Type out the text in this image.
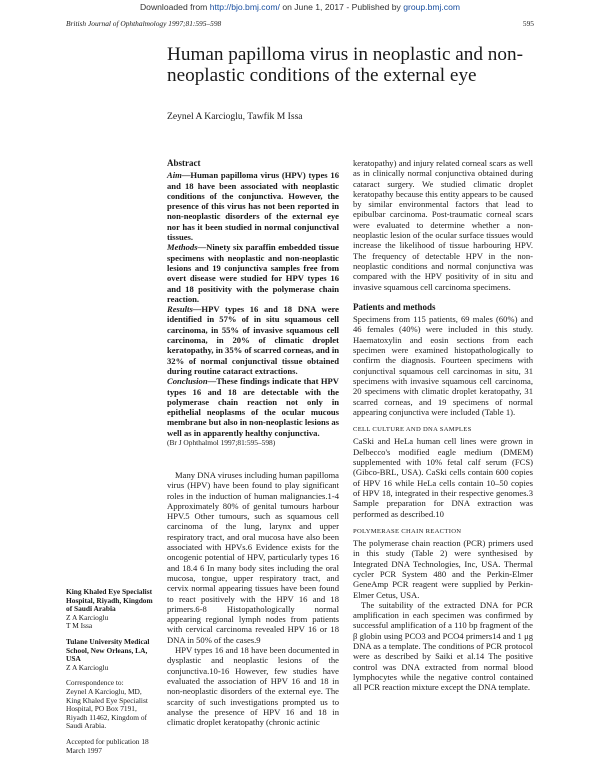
Downloaded from http://bjo.bmj.com/ on June 1, 2017 - Published by group.bmj.com
British Journal of Ophthalmology 1997;81:595–598	595
Human papilloma virus in neoplastic and non-neoplastic conditions of the external eye
Zeynel A Karcioglu, Tawfik M Issa
Abstract

Aim—Human papilloma virus (HPV) types 16 and 18 have been associated with neoplastic conditions of the conjunctiva. However, the presence of this virus has not been reported in non-neoplastic disorders of the external eye nor has it been studied in normal conjunctival tissues.

Methods—Ninety six paraffin embedded tissue specimens with neoplastic and non-neoplastic lesions and 19 conjunctiva samples free from overt disease were studied for HPV types 16 and 18 positivity with the polymerase chain reaction.

Results—HPV types 16 and 18 DNA were identified in 57% of in situ squamous cell carcinoma, in 55% of invasive squamous cell carcinoma, in 20% of climatic droplet keratopathy, in 35% of scarred corneas, and in 32% of normal conjunctival tissue obtained during routine cataract extractions.

Conclusion—These findings indicate that HPV types 16 and 18 are detectable with the polymerase chain reaction not only in epithelial neoplasms of the ocular mucous membrane but also in non-neoplastic lesions as well as in apparently healthy conjunctiva.

(Br J Ophthalmol 1997;81:595–598)

Many DNA viruses including human papilloma virus (HPV) have been found to play significant roles in the induction of human malignancies.1-4 Approximately 80% of genital tumours harbour HPV.5 Other tumours, such as squamous cell carcinoma of the lung, larynx and upper respiratory tract, and oral mucosa have also been associated with HPVs.6 Evidence exists for the oncogenic potential of HPV, particularly types 16 and 18.4 6 In many body sites including the oral mucosa, tongue, upper respiratory tract, and cervix normal appearing tissues have been found to react positively with the HPV 16 and 18 primers.6-8 Histopathologically normal appearing regional lymph nodes from patients with cervical carcinoma revealed HPV 16 or 18 DNA in 50% of the cases.9

HPV types 16 and 18 have been documented in dysplastic and neoplastic lesions of the conjunctiva.10-16 However, few studies have evaluated the association of HPV 16 and 18 in non-neoplastic disorders of the external eye. The scarcity of such investigations prompted us to analyse the presence of HPV 16 and 18 in climatic droplet keratopathy (chronic actinic

keratopathy) and injury related corneal scars as well as in clinically normal conjunctiva obtained during cataract surgery. We studied climatic droplet keratopathy because this entity appears to be caused by similar environmental factors that lead to epibulbar carcinoma. Post-traumatic corneal scars were evaluated to determine whether a non-neoplastic lesion of the ocular surface tissues would increase the likelihood of tissue harbouring HPV. The frequency of detectable HPV in the non-neoplastic conditions and normal conjunctiva was compared with the HPV positivity of in situ and invasive squamous cell carcinoma specimens.

Patients and methods

Specimens from 115 patients, 69 males (60%) and 46 females (40%) were included in this study. Haematoxylin and eosin sections from each specimen were examined histopathologically to confirm the diagnosis. Fourteen specimens with conjunctival squamous cell carcinomas in situ, 31 specimens with invasive squamous cell carcinoma, 20 specimens with climatic droplet keratopathy, 31 scarred corneas, and 19 specimens of normal appearing conjunctiva were included (Table 1).

CELL CULTURE AND DNA SAMPLES

CaSki and HeLa human cell lines were grown in Delbecco's modified eagle medium (DMEM) supplemented with 10% fetal calf serum (FCS) (Gibco-BRL, USA). CaSki cells contain 600 copies of HPV 16 while HeLa cells contain 10–50 copies of HPV 18, integrated in their respective genomes.3 Sample preparation for DNA extraction was performed as described.10

POLYMERASE CHAIN REACTION

The polymerase chain reaction (PCR) primers used in this study (Table 2) were synthesised by Integrated DNA Technologies, Inc, USA. Thermal cycler PCR System 480 and the Perkin-Elmer GeneAmp PCR reagent were supplied by Perkin-Elmer Cetus, USA.

The suitability of the extracted DNA for PCR amplification in each specimen was confirmed by successful amplification of a 110 bp fragment of the β globin using PCO3 and PCO4 primers14 and 1 μg DNA as a template. The conditions of PCR protocol were as described by Saiki et al.14 The positive control was DNA extracted from normal blood lymphocytes while the negative control contained all PCR reaction mixture except the DNA template.

King Khaled Eye Specialist Hospital, Riyadh, Kingdom of Saudi Arabia
Z A Karcioglu
T M Issa
Tulane University Medical School, New Orleans, LA, USA
Z A Karcioglu
Correspondence to:
Zeynel A Karcioglu, MD, King Khaled Eye Specialist Hospital, PO Box 7191, Riyadh 11462, Kingdom of Saudi Arabia.
Accepted for publication 18 March 1997
